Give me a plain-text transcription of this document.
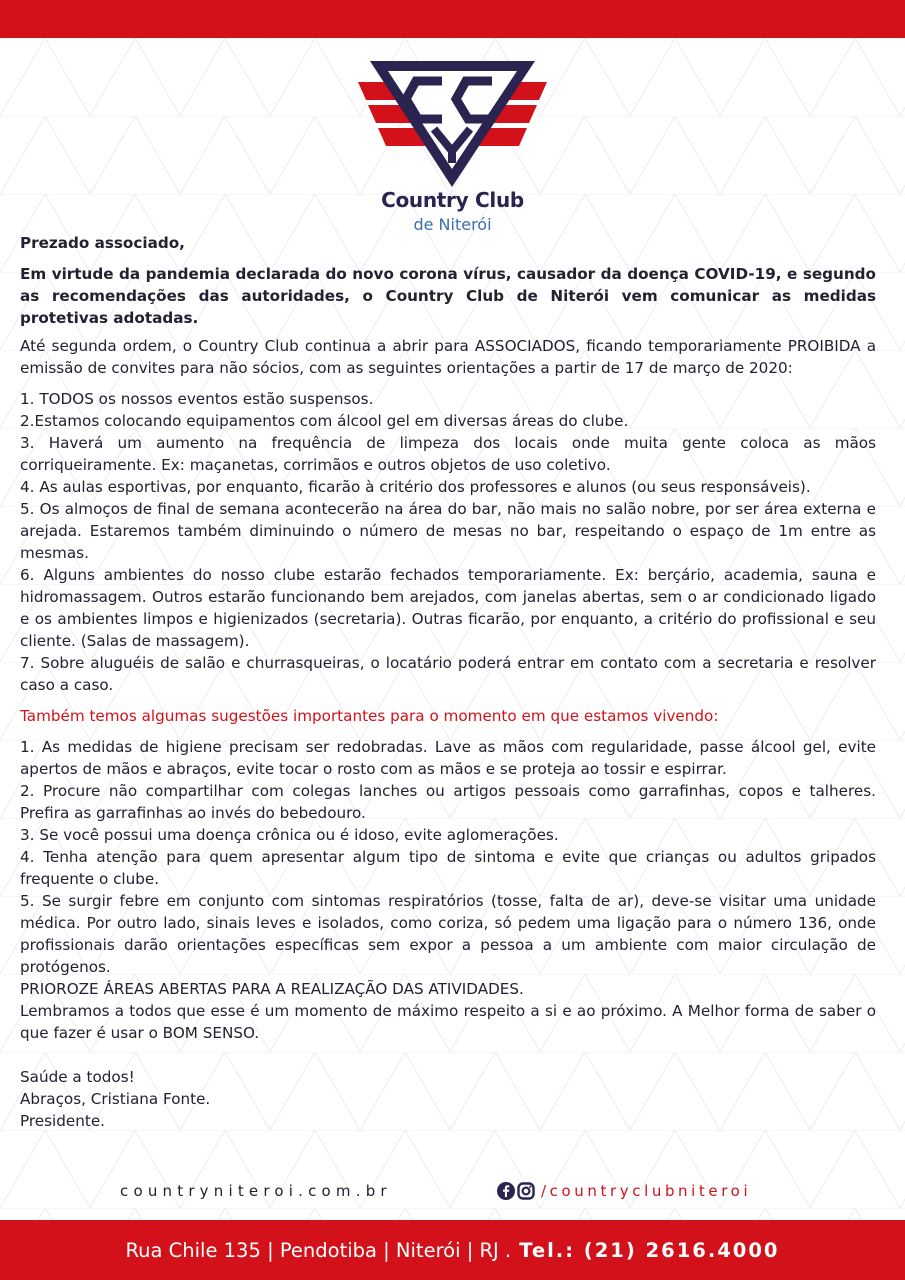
Country Club
de Niterói

Prezado associado,

Em virtude da pandemia declarada do novo corona vírus, causador da doença COVID-19, e segundo as recomendações das autoridades, o Country Club de Niterói vem comunicar as medidas protetivas adotadas.

Até segunda ordem, o Country Club continua a abrir para ASSOCIADOS, ficando temporariamente PROIBIDA a emissão de convites para não sócios, com as seguintes orientações a partir de 17 de março de 2020:

1. TODOS os nossos eventos estão suspensos.

2.Estamos colocando equipamentos com álcool gel em diversas áreas do clube.

3. Haverá um aumento na frequência de limpeza dos locais onde muita gente coloca as mãos corriqueiramente. Ex: maçanetas, corrimãos e outros objetos de uso coletivo.

4. As aulas esportivas, por enquanto, ficarão à critério dos professores e alunos (ou seus responsáveis).

5. Os almoços de final de semana acontecerão na área do bar, não mais no salão nobre, por ser área externa e arejada. Estaremos também diminuindo o número de mesas no bar, respeitando o espaço de 1m entre as mesmas.

6. Alguns ambientes do nosso clube estarão fechados temporariamente. Ex: berçário, academia, sauna e hidromassagem. Outros estarão funcionando bem arejados, com janelas abertas, sem o ar condicionado ligado e os ambientes limpos e higienizados (secretaria). Outras ficarão, por enquanto, a critério do profissional e seu cliente. (Salas de massagem).

7. Sobre aluguéis de salão e churrasqueiras, o locatário poderá entrar em contato com a secretaria e resolver caso a caso.

Também temos algumas sugestões importantes para o momento em que estamos vivendo:

1. As medidas de higiene precisam ser redobradas. Lave as mãos com regularidade, passe álcool gel, evite apertos de mãos e abraços, evite tocar o rosto com as mãos e se proteja ao tossir e espirrar.

2. Procure não compartilhar com colegas lanches ou artigos pessoais como garrafinhas, copos e talheres. Prefira as garrafinhas ao invés do bebedouro.

3. Se você possui uma doença crônica ou é idoso, evite aglomerações.

4. Tenha atenção para quem apresentar algum tipo de sintoma e evite que crianças ou adultos gripados frequente o clube.

5. Se surgir febre em conjunto com sintomas respiratórios (tosse, falta de ar), deve-se visitar uma unidade médica. Por outro lado, sinais leves e isolados, como coriza, só pedem uma ligação para o número 136, onde profissionais darão orientações específicas sem expor a pessoa a um ambiente com maior circulação de protógenos.

PRIOROZE ÁREAS ABERTAS PARA A REALIZAÇÃO DAS ATIVIDADES.

Lembramos a todos que esse é um momento de máximo respeito a si e ao próximo. A Melhor forma de saber o que fazer é usar o BOM SENSO.

Saúde a todos!

Abraços, Cristiana Fonte.

Presidente.

countryniteroi.com.br	/countryclubniteroi
Rua Chile 135 | Pendotiba | Niterói | RJ . Tel.: (21) 2616.4000
